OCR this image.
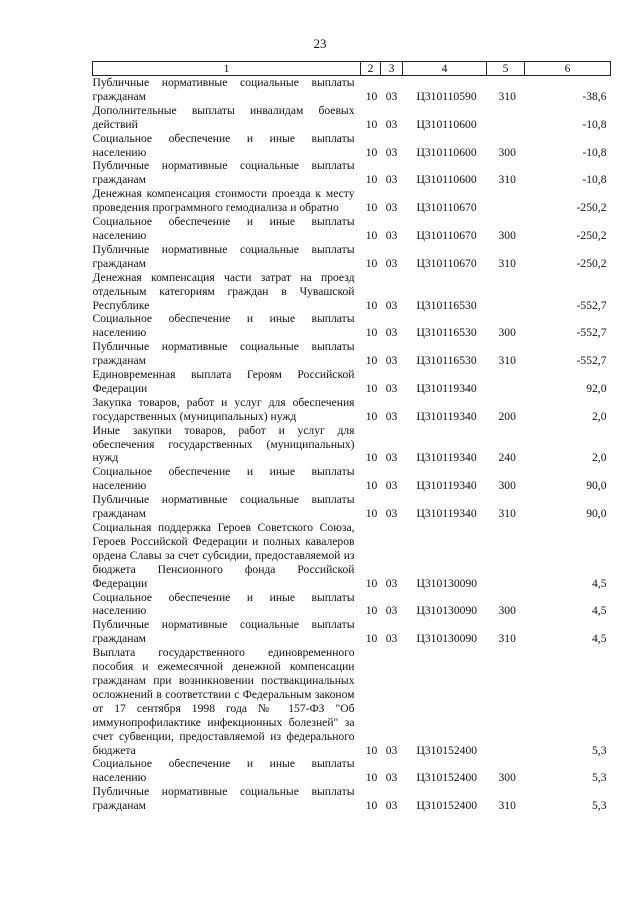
23
1	2	3	4	5	6
Публичные нормативные социальные выплаты гражданам	10	03	Ц310110590	310	-38,6
Дополнительные выплаты инвалидам боевых действий	10	03	Ц310110600		-10,8
Социальное обеспечение и иные выплаты населению	10	03	Ц310110600	300	-10,8
Публичные нормативные социальные выплаты гражданам	10	03	Ц310110600	310	-10,8
Денежная компенсация стоимости проезда к месту проведения программного гемодиализа и обратно	10	03	Ц310110670		-250,2
Социальное обеспечение и иные выплаты населению	10	03	Ц310110670	300	-250,2
Публичные нормативные социальные выплаты гражданам	10	03	Ц310110670	310	-250,2
Денежная компенсация части затрат на проезд отдельным категориям граждан в Чувашской Республике	10	03	Ц310116530		-552,7
Социальное обеспечение и иные выплаты населению	10	03	Ц310116530	300	-552,7
Публичные нормативные социальные выплаты гражданам	10	03	Ц310116530	310	-552,7
Единовременная выплата Героям Российской Федерации	10	03	Ц310119340		92,0
Закупка товаров, работ и услуг для обеспечения государственных (муниципальных) нужд	10	03	Ц310119340	200	2,0
Иные закупки товаров, работ и услуг для обеспечения государственных (муниципальных) нужд	10	03	Ц310119340	240	2,0
Социальное обеспечение и иные выплаты населению	10	03	Ц310119340	300	90,0
Публичные нормативные социальные выплаты гражданам	10	03	Ц310119340	310	90,0
Социальная поддержка Героев Советского Союза, Героев Российской Федерации и полных кавалеров ордена Славы за счет субсидии, предоставляемой из бюджета Пенсионного фонда Российской Федерации	10	03	Ц310130090		4,5
Социальное обеспечение и иные выплаты населению	10	03	Ц310130090	300	4,5
Публичные нормативные социальные выплаты гражданам	10	03	Ц310130090	310	4,5
Выплата государственного единовременного пособия и ежемесячной денежной компенсации гражданам при возникновении поствакцинальных осложнений в соответствии с Федеральным законом от 17 сентября 1998 года № 157-ФЗ "Об иммунопрофилактике инфекционных болезней" за счет субвенции, предоставляемой из федерального бюджета	10	03	Ц310152400		5,3
Социальное обеспечение и иные выплаты населению	10	03	Ц310152400	300	5,3
Публичные нормативные социальные выплаты гражданам	10	03	Ц310152400	310	5,3
